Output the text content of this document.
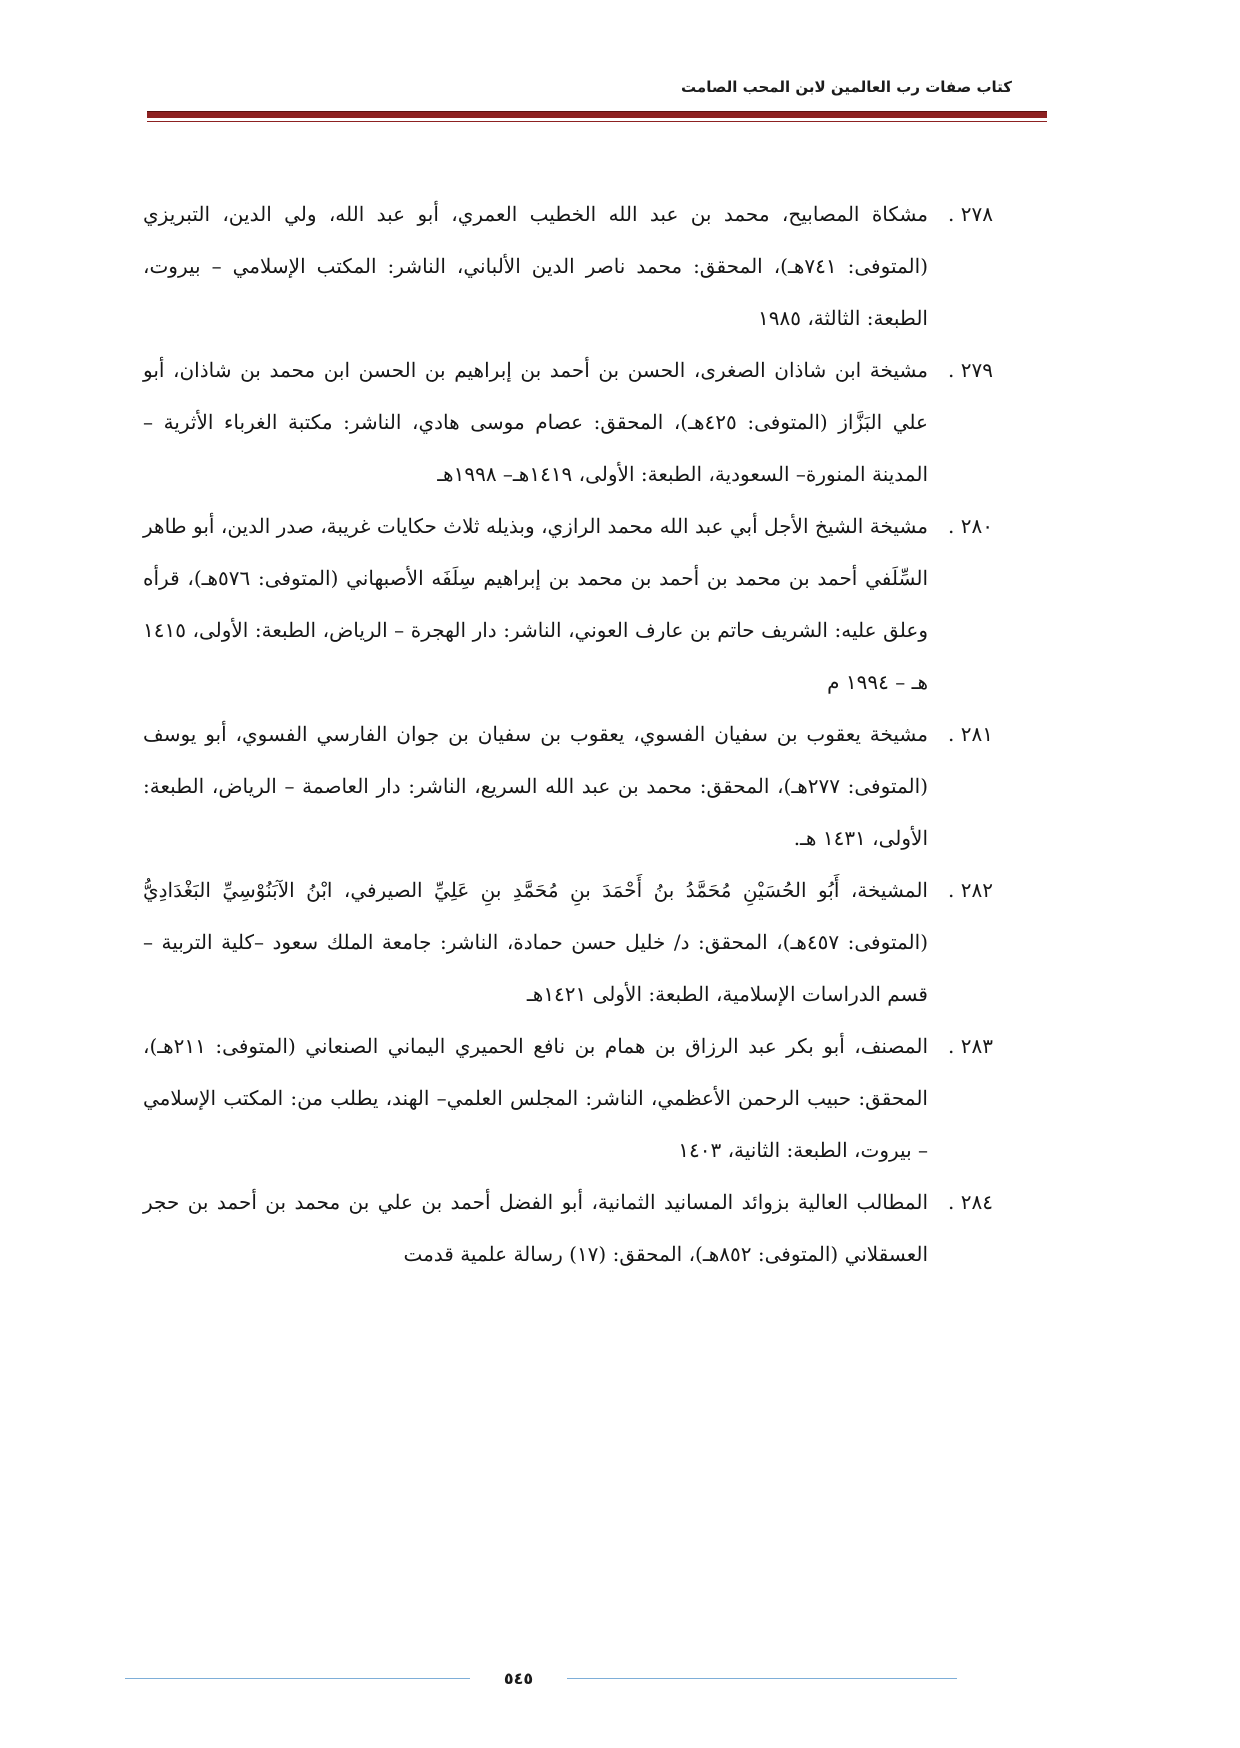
كتاب صفات رب العالمين لابن المحب الصامت
٢٧٨ .
مشكاة المصابيح، محمد بن عبد الله الخطيب العمري، أبو عبد الله، ولي الدين، التبريزي (المتوفى: ٧٤١هـ)، المحقق: محمد ناصر الدين الألباني، الناشر: المكتب الإسلامي – بيروت، الطبعة: الثالثة، ١٩٨٥
٢٧٩ .
مشيخة ابن شاذان الصغرى، الحسن بن أحمد بن إبراهيم بن الحسن ابن محمد بن شاذان، أبو علي البَزَّاز (المتوفى: ٤٢٥هـ)، المحقق: عصام موسى هادي، الناشر: مكتبة الغرباء الأثرية – المدينة المنورة– السعودية، الطبعة: الأولى، ١٤١٩هـ– ١٩٩٨هـ
٢٨٠ .
مشيخة الشيخ الأجل أبي عبد الله محمد الرازي، وبذيله ثلاث حكايات غريبة، صدر الدين، أبو طاهر السِّلَفي أحمد بن محمد بن أحمد بن محمد بن إبراهيم سِلَفَه الأصبهاني (المتوفى: ٥٧٦هـ)، قرأه وعلق عليه: الشريف حاتم بن عارف العوني، الناشر: دار الهجرة – الرياض، الطبعة: الأولى، ١٤١٥ هـ – ١٩٩٤ م
٢٨١ .
مشيخة يعقوب بن سفيان الفسوي، يعقوب بن سفيان بن جوان الفارسي الفسوي، أبو يوسف (المتوفى: ٢٧٧هـ)، المحقق: محمد بن عبد الله السريع، الناشر: دار العاصمة – الرياض، الطبعة: الأولى، ١٤٣١ هـ.
٢٨٢ .
المشيخة، أَبُو الحُسَيْنِ مُحَمَّدُ بنُ أَحْمَدَ بنِ مُحَمَّدِ بنِ عَلِيِّ الصيرفي، ابْنُ الآبَنُوْسِيِّ البَغْدَادِيُّ (المتوفى: ٤٥٧هـ)، المحقق: د/ خليل حسن حمادة، الناشر: جامعة الملك سعود –كلية التربية – قسم الدراسات الإسلامية، الطبعة: الأولى ١٤٢١هـ
٢٨٣ .
المصنف، أبو بكر عبد الرزاق بن همام بن نافع الحميري اليماني الصنعاني (المتوفى: ٢١١هـ)، المحقق: حبيب الرحمن الأعظمي، الناشر: المجلس العلمي– الهند، يطلب من: المكتب الإسلامي – بيروت، الطبعة: الثانية، ١٤٠٣
٢٨٤ .
المطالب العالية بزوائد المسانيد الثمانية، أبو الفضل أحمد بن علي بن محمد بن أحمد بن حجر العسقلاني (المتوفى: ٨٥٢هـ)، المحقق: (١٧) رسالة علمية قدمت
٥٤٥
